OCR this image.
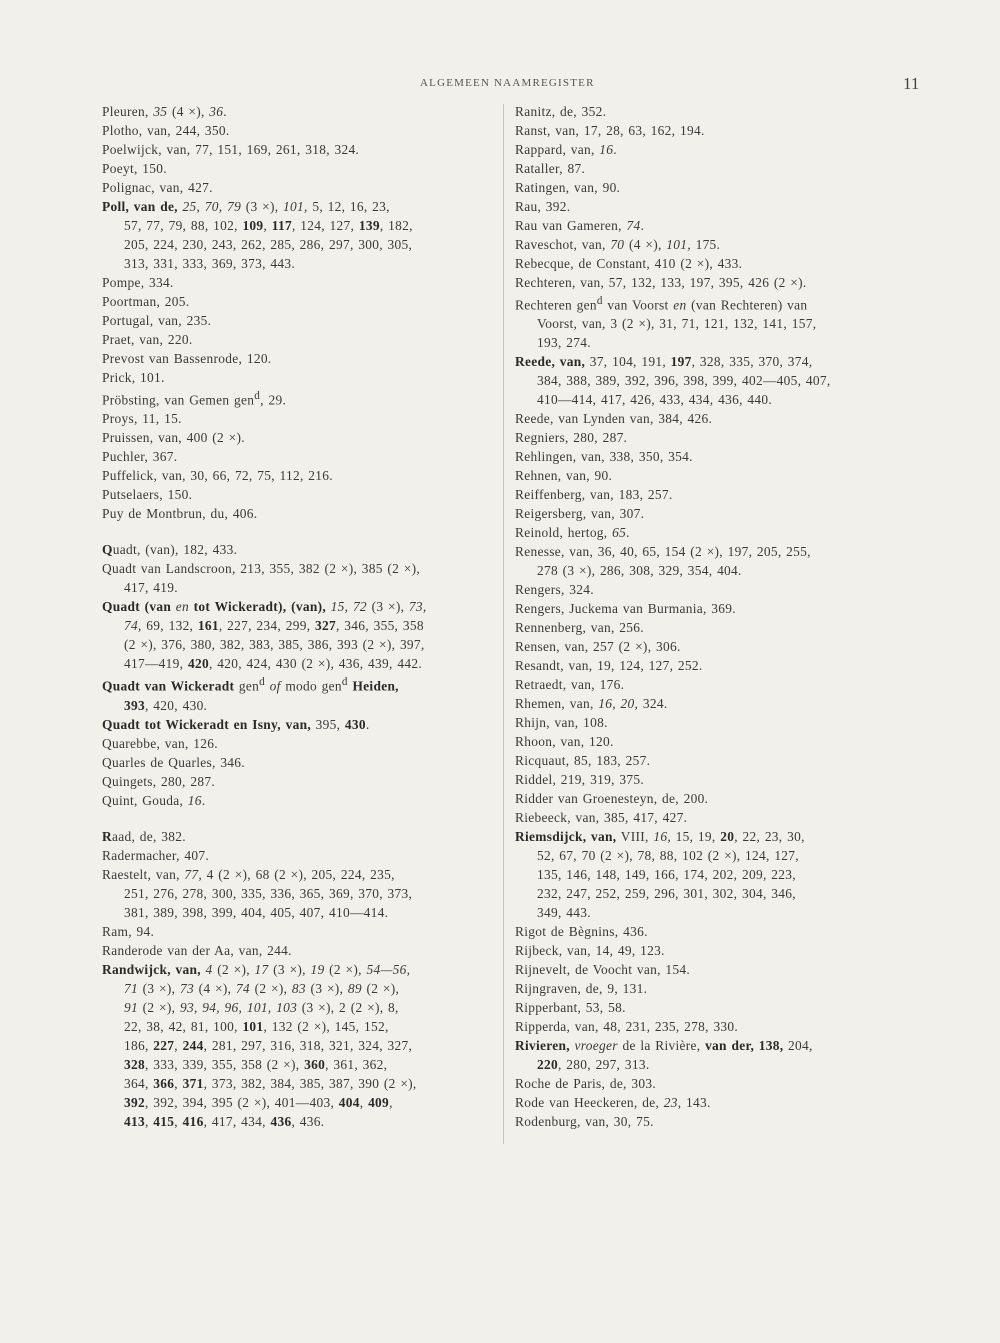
ALGEMEEN NAAMREGISTER	11
Pleuren, 35 (4 ×), 36.
Plotho, van, 244, 350.
Poelwijck, van, 77, 151, 169, 261, 318, 324.
Poeyt, 150.
Polignac, van, 427.
Poll, van de, 25, 70, 79 (3 ×), 101, 5, 12, 16, 23,
57, 77, 79, 88, 102, 109, 117, 124, 127, 139, 182,
205, 224, 230, 243, 262, 285, 286, 297, 300, 305,
313, 331, 333, 369, 373, 443.
Pompe, 334.
Poortman, 205.
Portugal, van, 235.
Praet, van, 220.
Prevost van Bassenrode, 120.
Prick, 101.
Pröbsting, van Gemen gen$^d$, 29.
Proys, 11, 15.
Pruissen, van, 400 (2 ×).
Puchler, 367.
Puffelick, van, 30, 66, 72, 75, 112, 216.
Putselaers, 150.
Puy de Montbrun, du, 406.
Quadt, (van), 182, 433.
Quadt van Landscroon, 213, 355, 382 (2 ×), 385 (2 ×),
417, 419.
Quadt (van en tot Wickeradt), (van), 15, 72 (3 ×), 73,
74, 69, 132, 161, 227, 234, 299, 327, 346, 355, 358
(2 ×), 376, 380, 382, 383, 385, 386, 393 (2 ×), 397,
417—419, 420, 420, 424, 430 (2 ×), 436, 439, 442.
Quadt van Wickeradt gen$^d$ of modo gen$^d$ Heiden,
393, 420, 430.
Quadt tot Wickeradt en Isny, van, 395, 430.
Quarebbe, van, 126.
Quarles de Quarles, 346.
Quingets, 280, 287.
Quint, Gouda, 16.
Raad, de, 382.
Radermacher, 407.
Raestelt, van, 77, 4 (2 ×), 68 (2 ×), 205, 224, 235,
251, 276, 278, 300, 335, 336, 365, 369, 370, 373,
381, 389, 398, 399, 404, 405, 407, 410—414.
Ram, 94.
Randerode van der Aa, van, 244.
Randwijck, van, 4 (2 ×), 17 (3 ×), 19 (2 ×), 54—56,
71 (3 ×), 73 (4 ×), 74 (2 ×), 83 (3 ×), 89 (2 ×),
91 (2 ×), 93, 94, 96, 101, 103 (3 ×), 2 (2 ×), 8,
22, 38, 42, 81, 100, 101, 132 (2 ×), 145, 152,
186, 227, 244, 281, 297, 316, 318, 321, 324, 327,
328, 333, 339, 355, 358 (2 ×), 360, 361, 362,
364, 366, 371, 373, 382, 384, 385, 387, 390 (2 ×),
392, 392, 394, 395 (2 ×), 401—403, 404, 409,
413, 415, 416, 417, 434, 436, 436.
Ranitz, de, 352.
Ranst, van, 17, 28, 63, 162, 194.
Rappard, van, 16.
Rataller, 87.
Ratingen, van, 90.
Rau, 392.
Rau van Gameren, 74.
Raveschot, van, 70 (4 ×), 101, 175.
Rebecque, de Constant, 410 (2 ×), 433.
Rechteren, van, 57, 132, 133, 197, 395, 426 (2 ×).
Rechteren gen$^d$ van Voorst en (van Rechteren) van
Voorst, van, 3 (2 ×), 31, 71, 121, 132, 141, 157,
193, 274.
Reede, van, 37, 104, 191, 197, 328, 335, 370, 374,
384, 388, 389, 392, 396, 398, 399, 402—405, 407,
410—414, 417, 426, 433, 434, 436, 440.
Reede, van Lynden van, 384, 426.
Regniers, 280, 287.
Rehlingen, van, 338, 350, 354.
Rehnen, van, 90.
Reiffenberg, van, 183, 257.
Reigersberg, van, 307.
Reinold, hertog, 65.
Renesse, van, 36, 40, 65, 154 (2 ×), 197, 205, 255,
278 (3 ×), 286, 308, 329, 354, 404.
Rengers, 324.
Rengers, Juckema van Burmania, 369.
Rennenberg, van, 256.
Rensen, van, 257 (2 ×), 306.
Resandt, van, 19, 124, 127, 252.
Retraedt, van, 176.
Rhemen, van, 16, 20, 324.
Rhijn, van, 108.
Rhoon, van, 120.
Ricquaut, 85, 183, 257.
Riddel, 219, 319, 375.
Ridder van Groenesteyn, de, 200.
Riebeeck, van, 385, 417, 427.
Riemsdijck, van, VIII, 16, 15, 19, 20, 22, 23, 30,
52, 67, 70 (2 ×), 78, 88, 102 (2 ×), 124, 127,
135, 146, 148, 149, 166, 174, 202, 209, 223,
232, 247, 252, 259, 296, 301, 302, 304, 346,
349, 443.
Rigot de Bègnins, 436.
Rijbeck, van, 14, 49, 123.
Rijnevelt, de Voocht van, 154.
Rijngraven, de, 9, 131.
Ripperbant, 53, 58.
Ripperda, van, 48, 231, 235, 278, 330.
Rivieren, vroeger de la Rivière, van der, 138, 204,
220, 280, 297, 313.
Roche de Paris, de, 303.
Rode van Heeckeren, de, 23, 143.
Rodenburg, van, 30, 75.
